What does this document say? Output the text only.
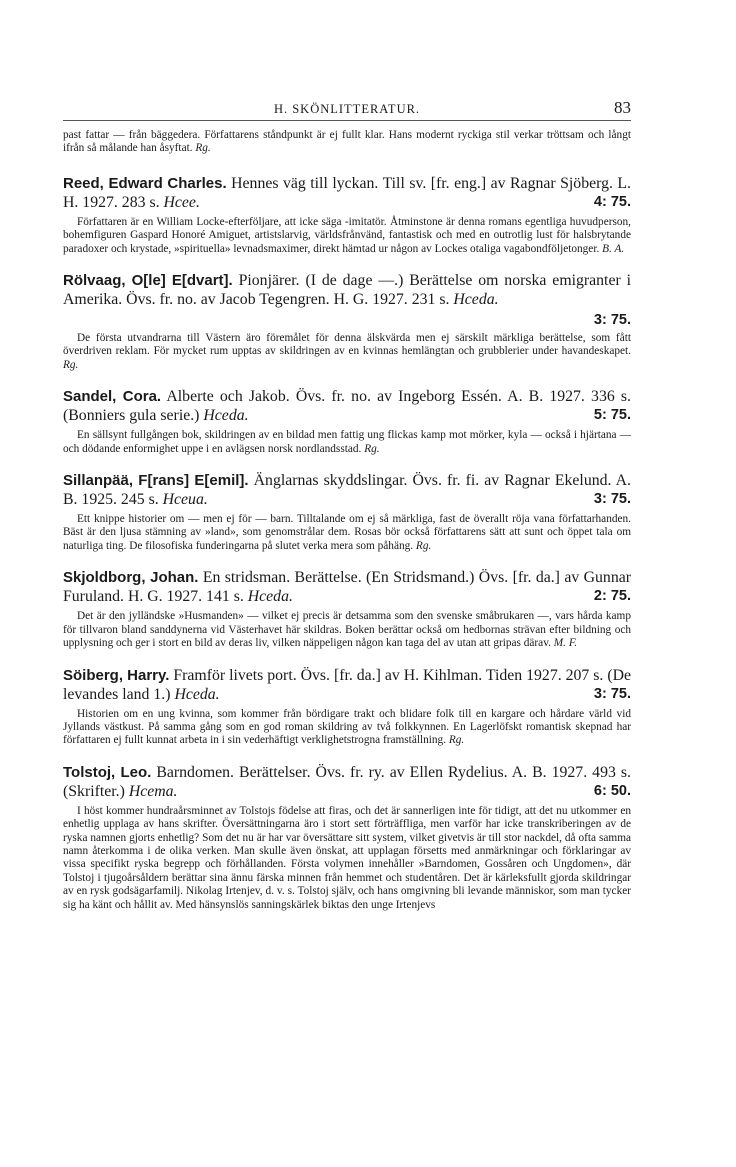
H. SKÖNLITTERATUR.	83

past fattar — från bäggedera. Författarens ståndpunkt är ej fullt klar. Hans modernt ryckiga stil verkar tröttsam och långt ifrån så målande han åsyftat. Rg.

Reed, Edward Charles. Hennes väg till lyckan. Till sv. [fr. eng.] av Ragnar Sjöberg. L. H. 1927. 283 s. Hcee.	4: 75.

Författaren är en William Locke-efterföljare, att icke säga -imitatör. Åtminstone är denna romans egentliga huvudperson, bohemfiguren Gaspard Honoré Amiguet, artistslarvig, världsfrånvänd, fantastisk och med en outrotlig lust för halsbrytande paradoxer och krystade, »spirituella» levnadsmaximer, direkt hämtad ur någon av Lockes otaliga vagabondföljetonger. B. A.

Rölvaag, O[le] E[dvart]. Pionjärer. (I de dage —.) Berättelse om norska emigranter i Amerika. Övs. fr. no. av Jacob Tegengren. H. G. 1927. 231 s. Hceda.

3: 75.

De första utvandrarna till Västern äro föremålet för denna älskvärda men ej särskilt märkliga berättelse, som fått överdriven reklam. För mycket rum upptas av skildringen av en kvinnas hemlängtan och grubblerier under havandeskapet. Rg.

Sandel, Cora. Alberte och Jakob. Övs. fr. no. av Ingeborg Essén. A. B. 1927. 336 s. (Bonniers gula serie.) Hceda.	5: 75.

En sällsynt fullgången bok, skildringen av en bildad men fattig ung flickas kamp mot mörker, kyla — också i hjärtana — och dödande enformighet uppe i en avlägsen norsk nordlandsstad. Rg.

Sillanpää, F[rans] E[emil]. Änglarnas skyddslingar. Övs. fr. fi. av Ragnar Ekelund. A. B. 1925. 245 s. Hceua.	3: 75.

Ett knippe historier om — men ej för — barn. Tilltalande om ej så märkliga, fast de överallt röja vana författarhanden. Bäst är den ljusa stämning av »land», som genomstrålar dem. Rosas bör också författarens sätt att sunt och öppet tala om naturliga ting. De filosofiska funderingarna på slutet verka mera som påhäng. Rg.

Skjoldborg, Johan. En stridsman. Berättelse. (En Stridsmand.) Övs. [fr. da.] av Gunnar Furuland. H. G. 1927. 141 s. Hceda.	2: 75.

Det är den jylländske »Husmanden» — vilket ej precis är detsamma som den svenske småbrukaren —, vars hårda kamp för tillvaron bland sanddynerna vid Västerhavet här skildras. Boken berättar också om hedbornas strävan efter bildning och upplysning och ger i stort en bild av deras liv, vilken näppeligen någon kan taga del av utan att gripas därav. M. F.

Söiberg, Harry. Framför livets port. Övs. [fr. da.] av H. Kihlman. Tiden 1927. 207 s. (De levandes land 1.) Hceda.	3: 75.

Historien om en ung kvinna, som kommer från bördigare trakt och blidare folk till en kargare och hårdare värld vid Jyllands västkust. På samma gång som en god roman skildring av två folkkynnen. En Lagerlöfskt romantisk skepnad har författaren ej fullt kunnat arbeta in i sin vederhäftigt verklighetstrogna framställning. Rg.

Tolstoj, Leo. Barndomen. Berättelser. Övs. fr. ry. av Ellen Rydelius. A. B. 1927. 493 s. (Skrifter.) Hcema.	6: 50.

I höst kommer hundraårsminnet av Tolstojs födelse att firas, och det är sannerligen inte för tidigt, att det nu utkommer en enhetlig upplaga av hans skrifter. Översättningarna äro i stort sett förträffliga, men varför har icke transkriberingen av de ryska namnen gjorts enhetlig? Som det nu är har var översättare sitt system, vilket givetvis är till stor nackdel, då ofta samma namn återkomma i de olika verken. Man skulle även önskat, att upplagan försetts med anmärkningar och förklaringar av vissa specifikt ryska begrepp och förhållanden. Första volymen innehåller »Barndomen, Gossåren och Ungdomen», där Tolstoj i tjugoårsåldern berättar sina ännu färska minnen från hemmet och studentåren. Det är kärleksfullt gjorda skildringar av en rysk godsägarfamilj. Nikolag Irtenjev, d. v. s. Tolstoj själv, och hans omgivning bli levande människor, som man tycker sig ha känt och hållit av. Med hänsynslös sanningskärlek biktas den unge Irtenjevs
